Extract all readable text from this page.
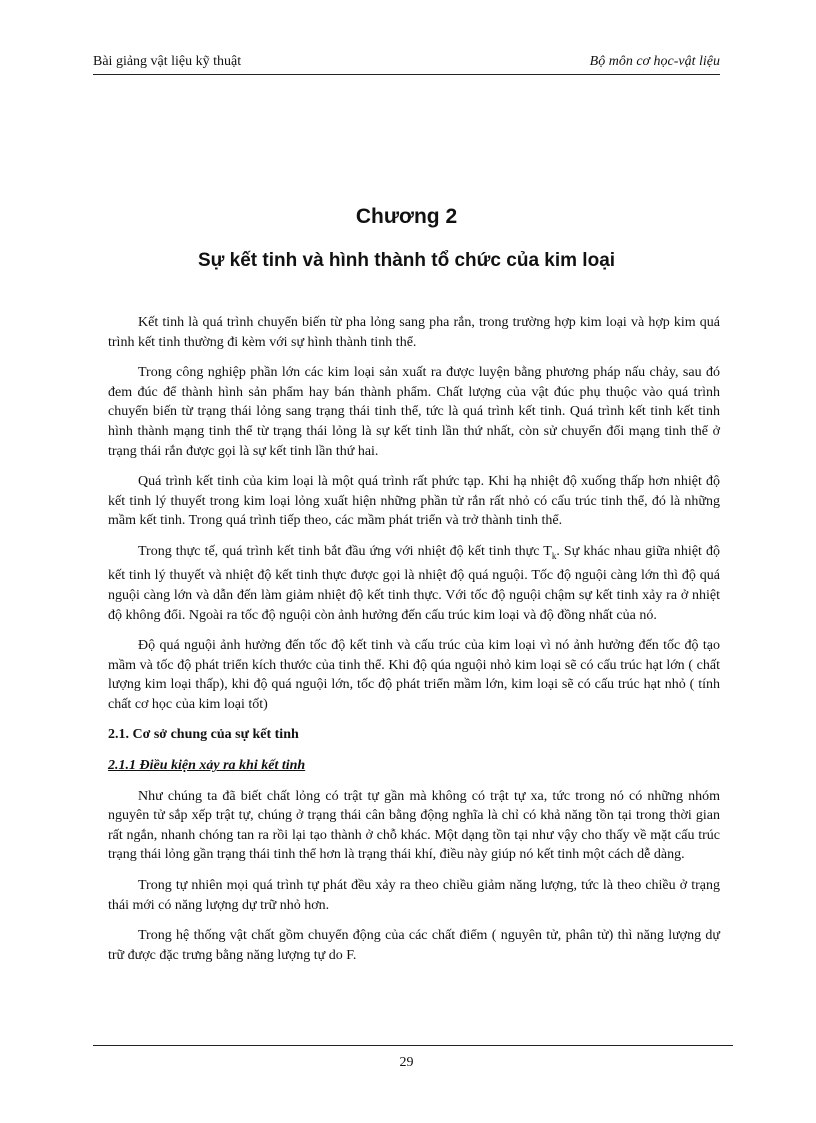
Bài giảng vật liệu kỹ thuật	Bộ môn cơ học-vật liệu
Chương 2
Sự kết tinh và hình thành tổ chức của kim loại

Kết tinh là quá trình chuyển biến từ pha lỏng sang pha rắn, trong trường hợp kim loại và hợp kim quá trình kết tinh thường đi kèm với sự hình thành tinh thể.

Trong công nghiệp phần lớn các kim loại sản xuất ra được luyện bằng phương pháp nấu chảy, sau đó đem đúc để thành hình sản phẩm hay bán thành phẩm. Chất lượng của vật đúc phụ thuộc vào quá trình chuyển biến từ trạng thái lỏng sang trạng thái tinh thể, tức là quá trình kết tinh. Quá trình kết tinh kết tinh hình thành mạng tinh thể từ trạng thái lỏng là sự kết tinh lần thứ nhất, còn sử chuyển đổi mạng tinh thể ở trạng thái rắn được gọi là sự kết tinh lần thứ hai.

Quá trình kết tinh của kim loại là một quá trình rất phức tạp. Khi hạ nhiệt độ xuống thấp hơn nhiệt độ kết tinh lý thuyết trong kim loại lỏng xuất hiện những phần tử rắn rất nhỏ có cấu trúc tinh thể, đó là những mầm kết tinh. Trong quá trình tiếp theo, các mầm phát triển và trở thành tinh thể.

Trong thực tế, quá trình kết tinh bắt đầu ứng với nhiệt độ kết tinh thực $T_k$. Sự khác nhau giữa nhiệt độ kết tinh lý thuyết và nhiệt độ kết tinh thực được gọi là nhiệt độ quá nguội. Tốc độ nguội càng lớn thì độ quá nguội càng lớn và dẫn đến làm giảm nhiệt độ kết tinh thực. Với tốc độ nguội chậm sự kết tinh xảy ra ở nhiệt độ không đổi. Ngoài ra tốc độ nguội còn ảnh hưởng đến cấu trúc kim loại và độ đồng nhất của nó.

Độ quá nguội ảnh hưởng đến tốc độ kết tinh và cấu trúc của kim loại vì nó ảnh hưởng đến tốc độ tạo mầm và tốc độ phát triển kích thước của tinh thể. Khi độ qúa nguội nhỏ kim loại sẽ có cấu trúc hạt lớn ( chất lượng kim loại thấp), khi độ quá nguội lớn, tốc độ phát triển mầm lớn, kim loại sẽ có cấu trúc hạt nhỏ ( tính chất cơ học của kim loại tốt)

2.1. Cơ sở chung của sự kết tinh

2.1.1 Điều kiện xảy ra khi kết tinh

Như chúng ta đã biết chất lỏng có trật tự gần mà không có trật tự xa, tức trong nó có những nhóm nguyên tử sắp xếp trật tự, chúng ở trạng thái cân bằng động nghĩa là chỉ có khả năng tồn tại trong thời gian rất ngắn, nhanh chóng tan ra rồi lại tạo thành ở chỗ khác. Một dạng tồn tại như vậy cho thấy về mặt cấu trúc trạng thái lỏng gần trạng thái tinh thể hơn là trạng thái khí, điều này giúp nó kết tinh một cách dễ dàng.

Trong tự nhiên mọi quá trình tự phát đều xảy ra theo chiều giảm năng lượng, tức là theo chiều ở trạng thái mới có năng lượng dự trữ nhỏ hơn.

Trong hệ thống vật chất gồm chuyển động của các chất điểm ( nguyên tử, phân tử) thì năng lượng dự trữ được đặc trưng bằng năng lượng tự do F.

29
